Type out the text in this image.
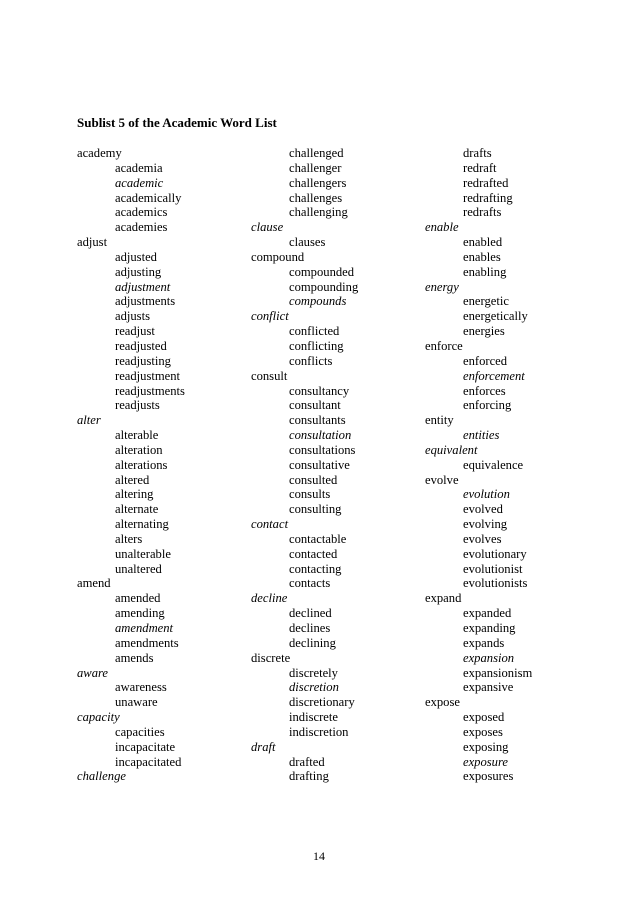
Sublist 5 of the Academic Word List
academy
academia
academic
academically
academics
academies
adjust
adjusted
adjusting
adjustment
adjustments
adjusts
readjust
readjusted
readjusting
readjustment
readjustments
readjusts
alter
alterable
alteration
alterations
altered
altering
alternate
alternating
alters
unalterable
unaltered
amend
amended
amending
amendment
amendments
amends
aware
awareness
unaware
capacity
capacities
incapacitate
incapacitated
challenge
challenged
challenger
challengers
challenges
challenging
clause
clauses
compound
compounded
compounding
compounds
conflict
conflicted
conflicting
conflicts
consult
consultancy
consultant
consultants
consultation
consultations
consultative
consulted
consults
consulting
contact
contactable
contacted
contacting
contacts
decline
declined
declines
declining
discrete
discretely
discretion
discretionary
indiscrete
indiscretion
draft
drafted
drafting
drafts
redraft
redrafted
redrafting
redrafts
enable
enabled
enables
enabling
energy
energetic
energetically
energies
enforce
enforced
enforcement
enforces
enforcing
entity
entities
equivalent
equivalence
evolve
evolution
evolved
evolving
evolves
evolutionary
evolutionist
evolutionists
expand
expanded
expanding
expands
expansion
expansionism
expansive
expose
exposed
exposes
exposing
exposure
exposures
14
